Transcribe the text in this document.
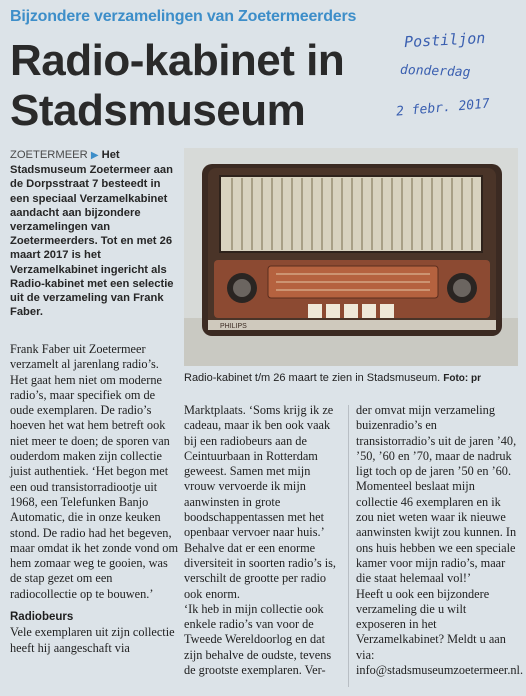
Bijzondere verzamelingen van Zoetermeerders
Radio-kabinet in
Stadsmuseum
Postiljon
donderdag
2 febr. 2017
ZOETERMEER ▶ Het Stadsmuseum Zoetermeer aan de Dorpsstraat 7 besteedt in een speciaal Verzamelkabinet aandacht aan bijzondere verzamelingen van Zoetermeerders. Tot en met 26 maart 2017 is het Verzamelkabinet ingericht als Radio-kabinet met een selectie uit de verzameling van Frank Faber.
PHILIPS
Radio-kabinet t/m 26 maart te zien in Stadsmuseum. Foto: pr

Frank Faber uit Zoetermeer verzamelt al jarenlang radio’s. Het gaat hem niet om moderne radio’s, maar specifiek om de oude exemplaren. De radio’s hoeven het wat hem betreft ook niet meer te doen; de sporen van ouderdom maken zijn collectie juist authentiek. ‘Het begon met een oud transistorradiootje uit 1968, een Telefunken Banjo Automatic, die in onze keuken stond. De radio had het begeven, maar omdat ik het zonde vond om hem zomaar weg te gooien, was de stap gezet om een radiocollectie op te bouwen.’

Radiobeurs

Vele exemplaren uit zijn collectie heeft hij aangeschaft via

Marktplaats. ‘Soms krijg ik ze cadeau, maar ik ben ook vaak bij een radiobeurs aan de Ceintuurbaan in Rotterdam geweest. Samen met mijn vrouw vervoerde ik mijn aanwinsten in grote boodschappentassen met het openbaar vervoer naar huis.’ Behalve dat er een enorme diversiteit in soorten radio’s is, verschilt de grootte per radio ook enorm.

‘Ik heb in mijn collectie ook enkele radio’s van voor de Tweede Wereldoorlog en dat zijn behalve de oudste, tevens de grootste exemplaren. Ver-

der omvat mijn verzameling buizenradio’s en transistorradio’s uit de jaren ’40, ’50, ’60 en ’70, maar de nadruk ligt toch op de jaren ’50 en ’60. Momenteel beslaat mijn collectie 46 exemplaren en ik zou niet weten waar ik nieuwe aanwinsten kwijt zou kunnen. In ons huis hebben we een speciale kamer voor mijn radio’s, maar die staat helemaal vol!’

Heeft u ook een bijzondere verzameling die u wilt exposeren in het Verzamelkabinet? Meldt u aan via: info@stadsmuseumzoetermeer.nl.
